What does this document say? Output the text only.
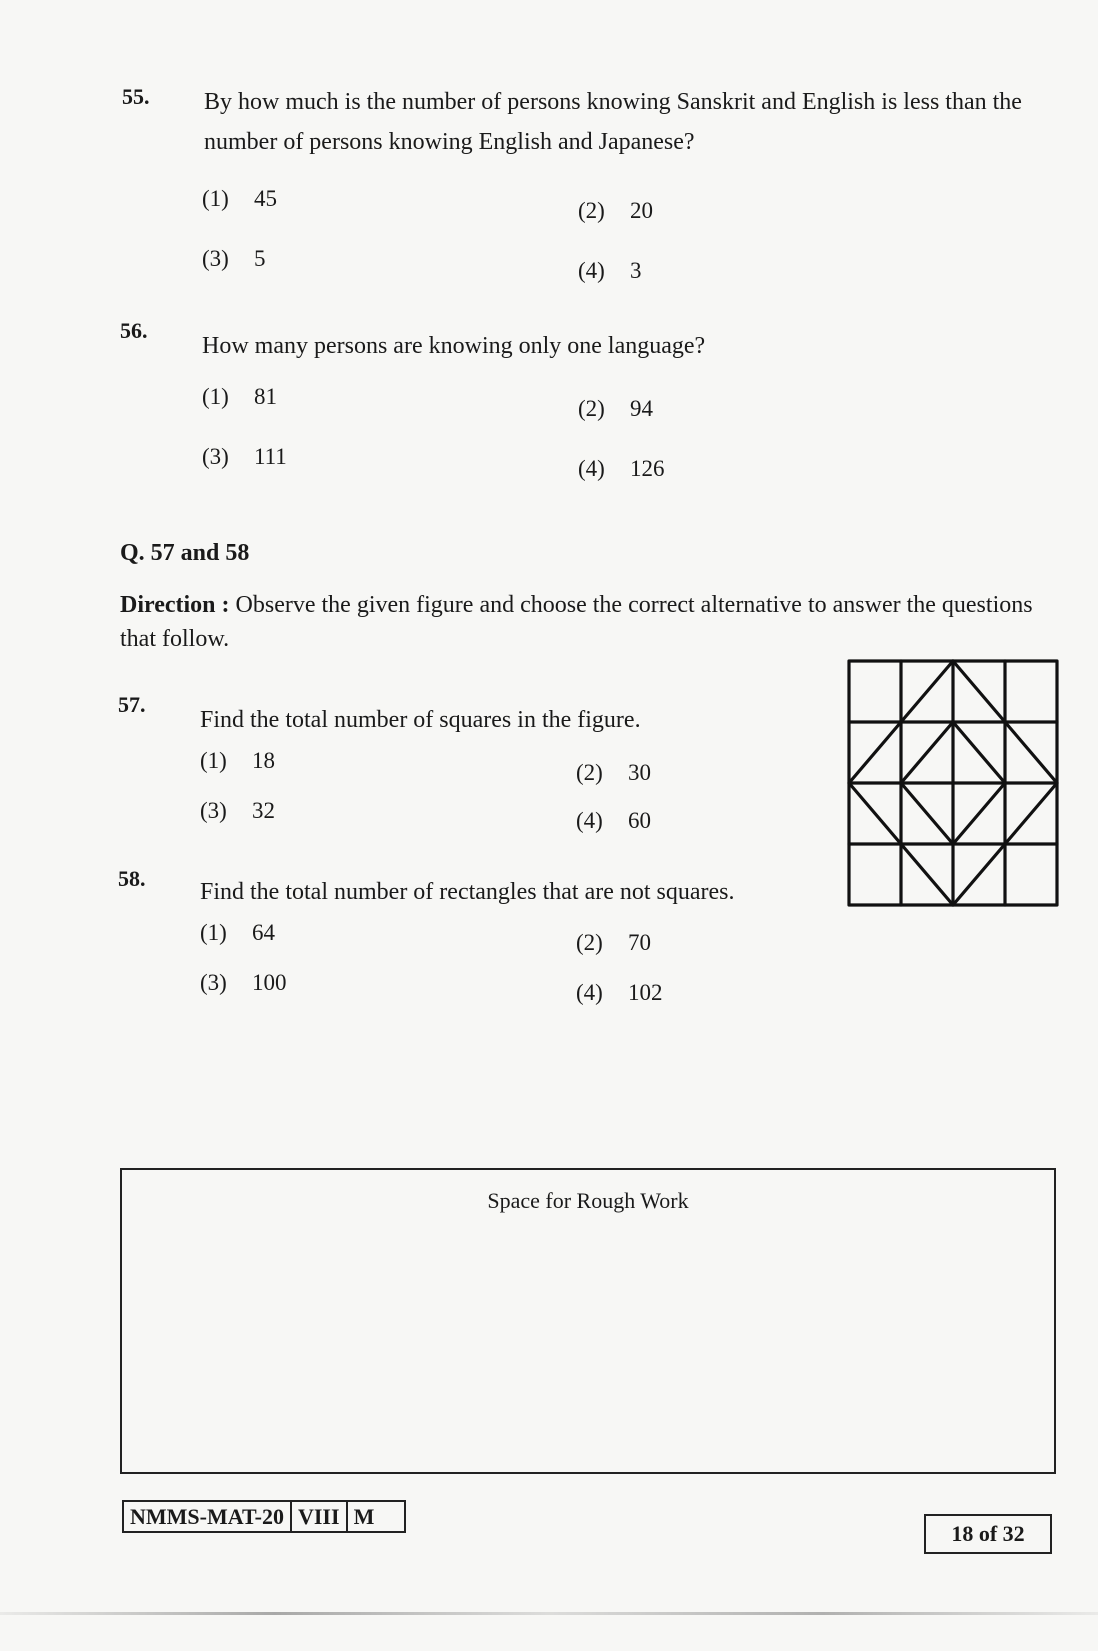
55. By how much is the number of persons knowing Sanskrit and English is less than the number of persons knowing English and Japanese?
(1) 45	(2) 20
(3) 5	(4) 3
56.
How many persons are knowing only one language?
(1) 81	(2) 94
(3) 111	(4) 126
Q. 57 and 58
Direction : Observe the given figure and choose the correct alternative to answer the questions that follow.
57.
Find the total number of squares in the figure.
(1) 18	(2) 30
(3) 32	(4) 60
58.
Find the total number of rectangles that are not squares.
(1) 64	(2) 70
(3) 100	(4) 102
Space for Rough Work
NMMS-MAT-20 VIII M
18 of 32
